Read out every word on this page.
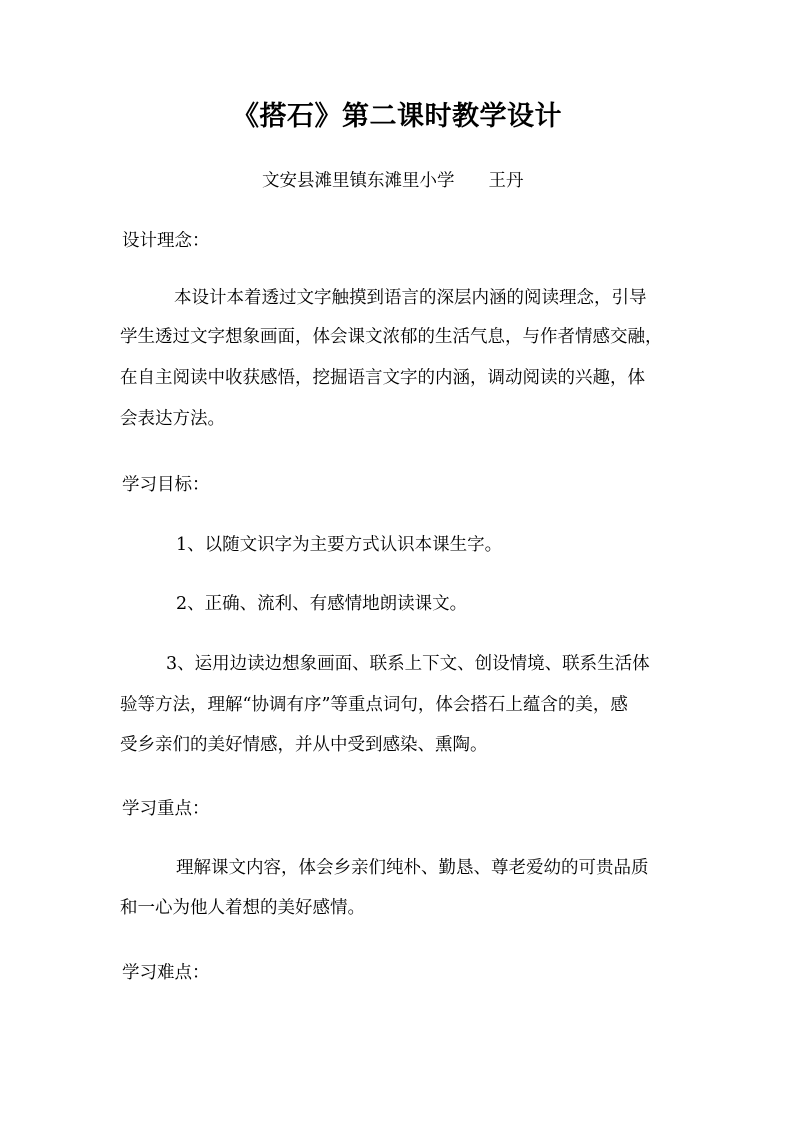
《搭石》第二课时教学设计
文安县滩里镇东滩里小学 王丹
设计理念：
本设计本着透过文字触摸到语言的深层内涵的阅读理念，引导
学生透过文字想象画面，体会课文浓郁的生活气息，与作者情感交融，
在自主阅读中收获感悟，挖掘语言文字的内涵，调动阅读的兴趣，体
会表达方法。
学习目标：
1、以随文识字为主要方式认识本课生字。
2、正确、流利、有感情地朗读课文。
3、运用边读边想象画面、联系上下文、创设情境、联系生活体
验等方法，理解“协调有序”等重点词句，体会搭石上蕴含的美，感
受乡亲们的美好情感，并从中受到感染、熏陶。
学习重点：
理解课文内容，体会乡亲们纯朴、勤恳、尊老爱幼的可贵品质
和一心为他人着想的美好感情。
学习难点：
